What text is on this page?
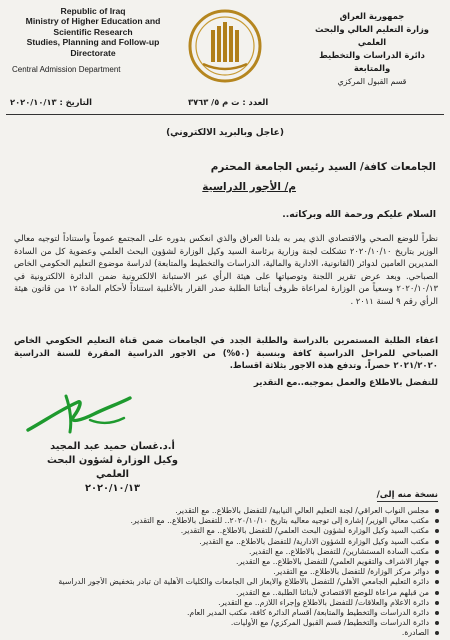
Republic of Iraq
Ministry of Higher Education and
Scientific Research
Studies, Planning and Follow-up
Directorate
Central Admission Department
جمهورية العراق
وزارة التعليم العالي والبحث العلمي
دائرة الدراسات والتخطيط والمتابعة
قسم القبول المركزي
التاريخ : ٢٠٢٠/١٠/١٣	العدد : ت م ٥/ ٣٧٦٣
(عاجل وبالبريد الالكتروني)
الجامعات كافة/ السيد رئيس الجامعة المحترم
م/ الأجور الدراسية
السلام عليكم ورحمة الله وبركاته..
نظراً للوضع الصحي والاقتصادي الذي يمر به بلدنا العراق والذي انعكس بدوره على المجتمع عموماً واستناداً لتوجيه معالي الوزير بتاريخ ٢٠٢٠/١٠/١٠ تشكلت لجنة وزارية برئاسة السيد وكيل الوزارة لشؤون البحث العلمي وعضوية كل من السادة المديرين العامين لدوائر (القانونية، الادارية والمالية، الدراسات والتخطيط والمتابعة) لدراسة موضوع التعليم الحكومي الخاص الصباحي. وبعد عرض تقرير اللجنة وتوصياتها على هيئة الرأي عبر الاستبانة الالكترونية ضمن الدائرة الالكترونية في ٢٠٢٠/١٠/١٣ وسعياً من الوزارة لمراعاة ظروف أبنائنا الطلبة صدر القرار بالأغلبية استناداً لأحكام المادة ١٢ من قانون هيئة الرأي رقم ٩ لسنة ٢٠١١ .
اعفاء الطلبة المستمرين بالدراسة والطلبة الجدد في الجامعات ضمن قناة التعليم الحكومي الخاص الصباحي للمراحل الدراسية كافة وبنسبة (٥٠%) من الاجور الدراسية المقررة للسنة الدراسية ٢٠٢١/٢٠٢٠ حصراً. وتدفع هذه الاجور بثلاثة اقساط.
للتفضل بالاطلاع والعمل بموجبه..مع التقدير
أ.د.غسان حميد عبد المجيد
وكيل الوزارة لشؤون البحث العلمي
٢٠٢٠/١٠/١٣
نسخة منه إلى/
مجلس النواب العراقي/ لجنة التعليم العالي النيابية/ للتفضل بالاطلاع.. مع التقدير.
مكتب معالي الوزير/ إشارة إلى توجيه معاليه بتاريخ ٢٠٢٠/١٠/١٠.. للتفضل بالاطلاع.. مع التقدير.
مكتب السيد وكيل الوزارة لشؤون البحث العلمي/ للتفضل بالاطلاع.. مع التقدير.
مكتب السيد وكيل الوزارة للشؤون الادارية/ للتفضل بالاطلاع.. مع التقدير.
مكتب السادة المستشارين/ للتفضل بالاطلاع.. مع التقدير.
جهاز الاشراف والتقويم العلمي/ للتفضل بالاطلاع.. مع التقدير.
دوائر مركز الوزارة/ للتفضل بالاطلاع.. مع التقدير.
دائرة التعليم الجامعي الأهلي/ للتفضل بالاطلاع والايعاز الى الجامعات والكليات الأهلية ان تبادر بتخفيض الأجور الدراسية
من قبلهم مراعاة للوضع الاقتصادي لأبنائنا الطلبة.. مع التقدير.
دائرة الاعلام والعلاقات/ للتفضل بالاطلاع وإجراء اللازم.. مع التقدير.
دائرة الدراسات والتخطيط والمتابعة/ أقسام الدائرة كافة، مكتب المدير العام.
دائرة الدراسات والتخطيط/ قسم القبول المركزي/ مع الأوليات.
الصادرة.
